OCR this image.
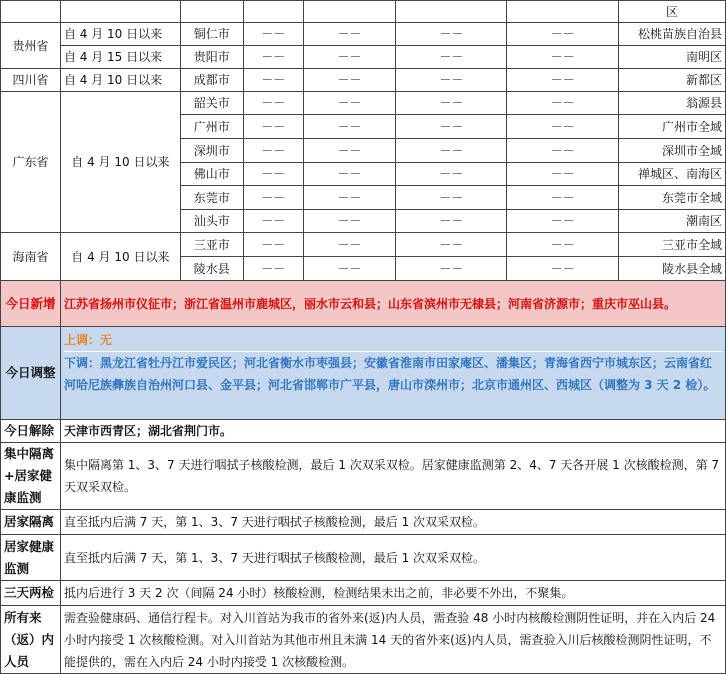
							区
贵州省	自 4 月 10 日以来	铜仁市	－－	－－	－－	－－	松桃苗族自治县
	自 4 月 15 日以来	贵阳市	－－	－－	－－	－－	南明区
四川省	自 4 月 10 日以来	成都市	－－	－－	－－	－－	新都区
广东省	自 4 月 10 日以来	韶关市	－－	－－	－－	－－	翁源县
		广州市	－－	－－	－－	－－	广州市全域
		深圳市	－－	－－	－－	－－	深圳市全域
		佛山市	－－	－－	－－	－－	禅城区、南海区
		东莞市	－－	－－	－－	－－	东莞市全域
		汕头市	－－	－－	－－	－－	潮南区
海南省	自 4 月 10 日以来	三亚市	－－	－－	－－	－－	三亚市全域
		陵水县	－－	－－	－－	－－	陵水县全域
今日新增	江苏省扬州市仪征市；浙江省温州市鹿城区，丽水市云和县；山东省滨州市无棣县；河南省济源市；重庆市巫山县。						
今日调整	上调：无
下调：黑龙江省牡丹江市爱民区；河北省衡水市枣强县；安徽省淮南市田家庵区、潘集区；青海省西宁市城东区；云南省红河哈尼族彝族自治州河口县、金平县；河北省邯郸市广平县，唐山市滦州市；北京市通州区、西城区（调整为 3 天 2 检）。						

今日解除	天津市西青区；湖北省荆门市。						
集中隔离+居家健康监测	集中隔离第 1、3、7 天进行咽拭子核酸检测，最后 1 次双采双检。居家健康监测第 2、4、7 天各开展 1 次核酸检测，第 7 天双采双检。						
居家隔离	直至抵内后满 7 天，第 1、3、7 天进行咽拭子核酸检测，最后 1 次双采双检。						
居家健康监测	直至抵内后满 7 天，第 1、3、7 天进行咽拭子核酸检测，最后 1 次双采双检。						
三天两检	抵内后进行 3 天 2 次（间隔 24 小时）核酸检测，检测结果未出之前，非必要不外出，不聚集。						
所有来（返）内人员	需查验健康码、通信行程卡。对入川首站为我市的省外来(返)内人员，需查验 48 小时内核酸检测阴性证明，并在入内后 24 小时内接受 1 次核酸检测。对入川首站为其他市州且未满 14 天的省外来(返)内人员，需查验入川后核酸检测阴性证明，不能提供的，需在入内后 24 小时内接受 1 次核酸检测。						
